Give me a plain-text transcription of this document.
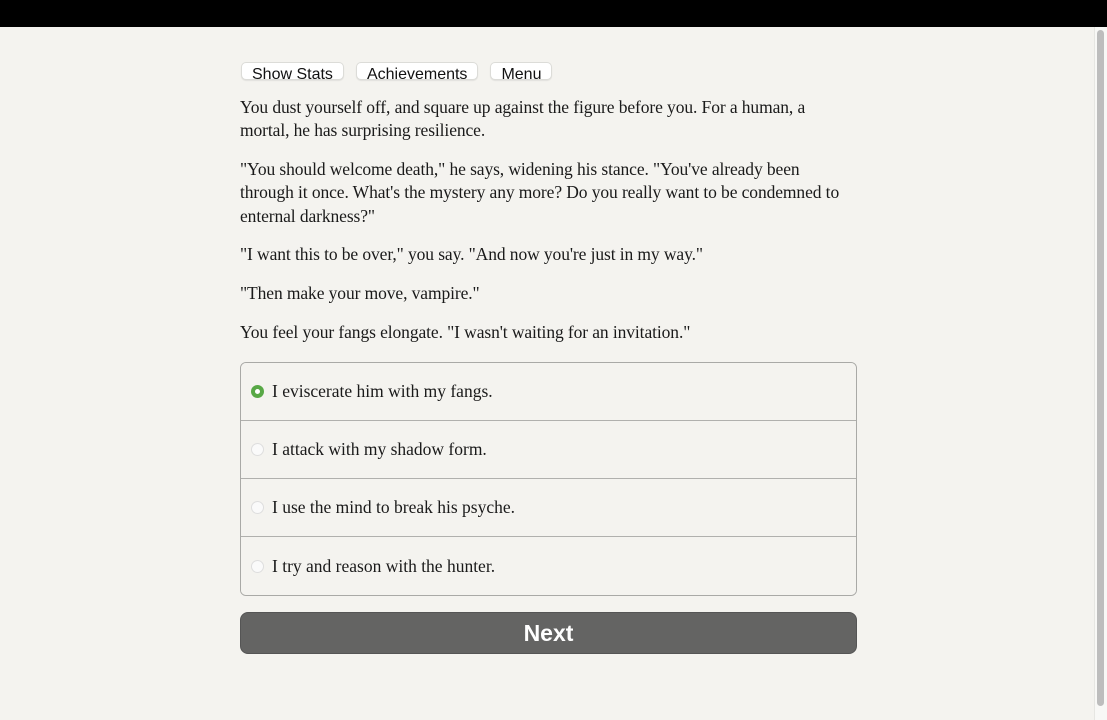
Show Stats	Achievements	Menu

You dust yourself off, and square up against the figure before you. For a human, a mortal, he has surprising resilience.

"You should welcome death," he says, widening his stance. "You've already been through it once. What's the mystery any more? Do you really want to be condemned to enternal darkness?"

"I want this to be over," you say. "And now you're just in my way."

"Then make your move, vampire."

You feel your fangs elongate. "I wasn't waiting for an invitation."

I eviscerate him with my fangs.
I attack with my shadow form.
I use the mind to break his psyche.
I try and reason with the hunter.
Next
